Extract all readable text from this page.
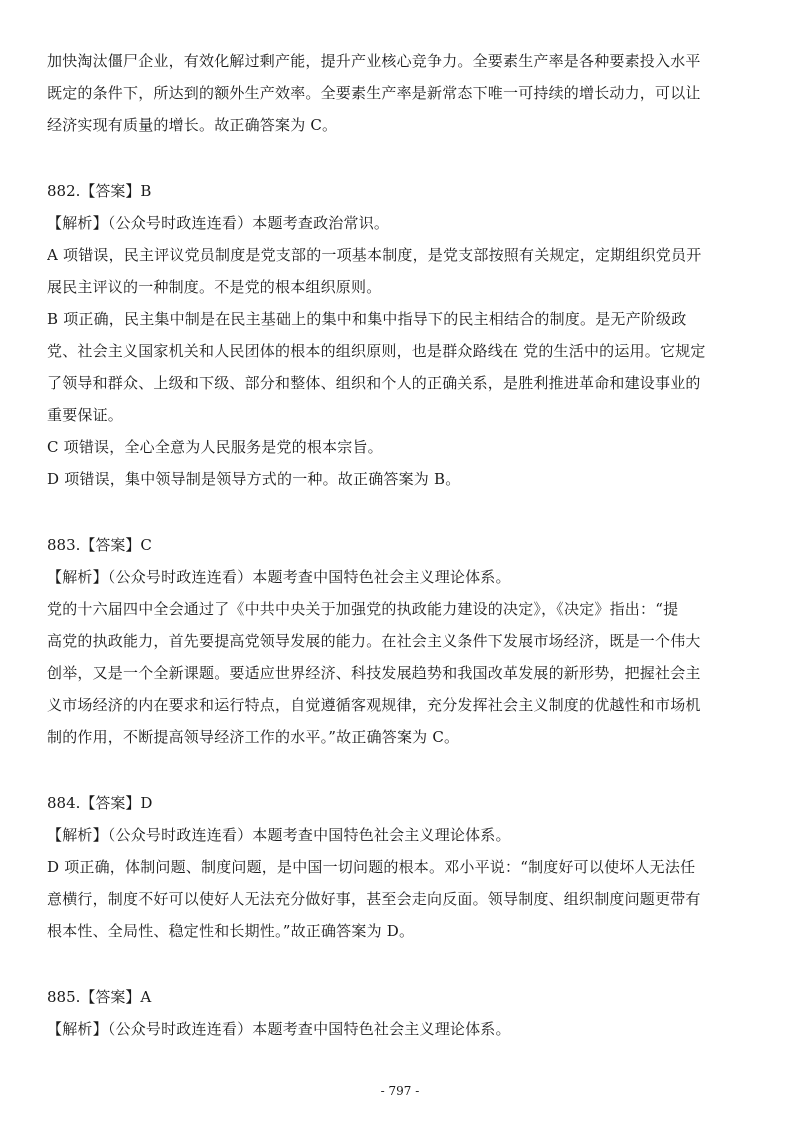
加快淘汰僵尸企业，有效化解过剩产能，提升产业核心竞争力。全要素生产率是各种要素投入水平
既定的条件下，所达到的额外生产效率。全要素生产率是新常态下唯一可持续的增长动力，可以让
经济实现有质量的增长。故正确答案为 C。
882.【答案】B
【解析】（公众号时政连连看）本题考查政治常识。
A 项错误，民主评议党员制度是党支部的一项基本制度，是党支部按照有关规定，定期组织党员开
展民主评议的一种制度。不是党的根本组织原则。
B 项正确，民主集中制是在民主基础上的集中和集中指导下的民主相结合的制度。是无产阶级政
党、社会主义国家机关和人民团体的根本的组织原则，也是群众路线在 党的生活中的运用。它规定
了领导和群众、上级和下级、部分和整体、组织和个人的正确关系，是胜利推进革命和建设事业的
重要保证。
C 项错误，全心全意为人民服务是党的根本宗旨。
D 项错误，集中领导制是领导方式的一种。故正确答案为 B。
883.【答案】C
【解析】（公众号时政连连看）本题考查中国特色社会主义理论体系。
党的十六届四中全会通过了《中共中央关于加强党的执政能力建设的决定》，《决定》指出：“提
高党的执政能力，首先要提高党领导发展的能力。在社会主义条件下发展市场经济，既是一个伟大
创举，又是一个全新课题。要适应世界经济、科技发展趋势和我国改革发展的新形势，把握社会主
义市场经济的内在要求和运行特点，自觉遵循客观规律，充分发挥社会主义制度的优越性和市场机
制的作用，不断提高领导经济工作的水平。”故正确答案为 C。
884.【答案】D
【解析】（公众号时政连连看）本题考查中国特色社会主义理论体系。
D 项正确，体制问题、制度问题，是中国一切问题的根本。邓小平说：“制度好可以使坏人无法任
意横行，制度不好可以使好人无法充分做好事，甚至会走向反面。领导制度、组织制度问题更带有
根本性、全局性、稳定性和长期性。”故正确答案为 D。
885.【答案】A
【解析】（公众号时政连连看）本题考查中国特色社会主义理论体系。
- 797 -
